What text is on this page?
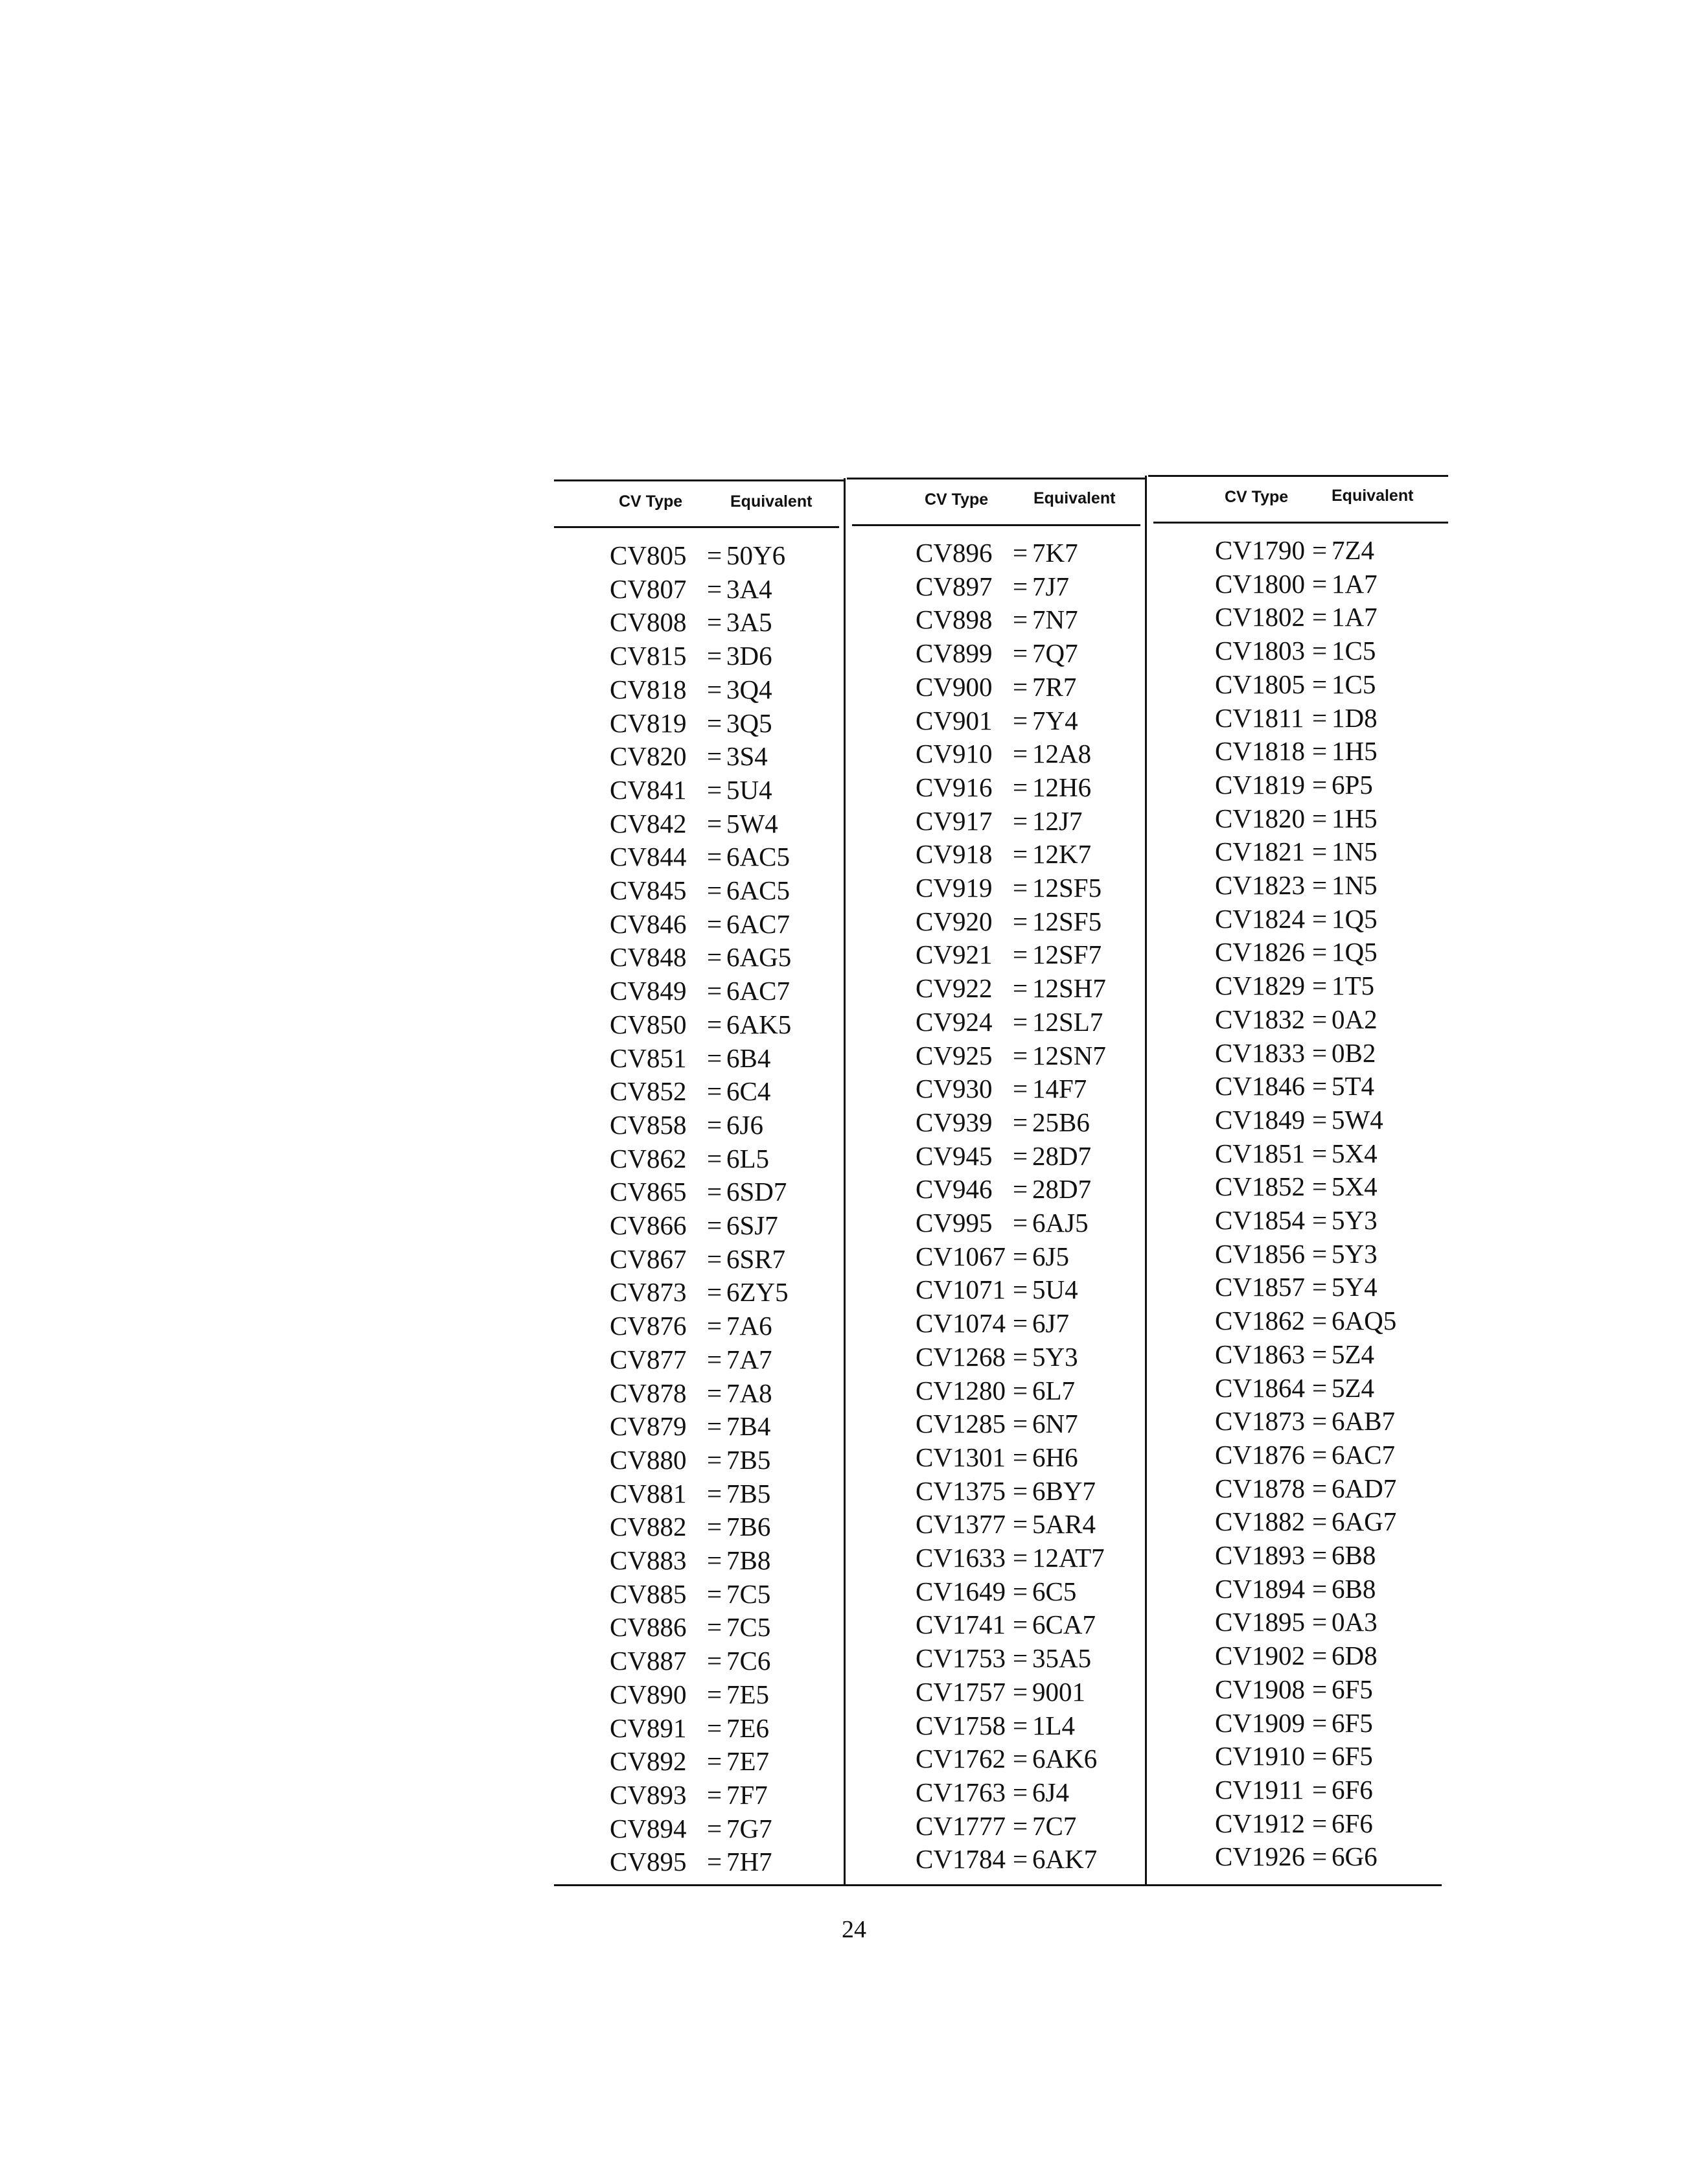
CV Type	Equivalent	CV Type	Equivalent	CV Type	Equivalent
CV805 = 50Y6
CV807 = 3A4
CV808 = 3A5
CV815 = 3D6
CV818 = 3Q4
CV819 = 3Q5
CV820 = 3S4
CV841 = 5U4
CV842 = 5W4
CV844 = 6AC5
CV845 = 6AC5
CV846 = 6AC7
CV848 = 6AG5
CV849 = 6AC7
CV850 = 6AK5
CV851 = 6B4
CV852 = 6C4
CV858 = 6J6
CV862 = 6L5
CV865 = 6SD7
CV866 = 6SJ7
CV867 = 6SR7
CV873 = 6ZY5
CV876 = 7A6
CV877 = 7A7
CV878 = 7A8
CV879 = 7B4
CV880 = 7B5
CV881 = 7B5
CV882 = 7B6
CV883 = 7B8
CV885 = 7C5
CV886 = 7C5
CV887 = 7C6
CV890 = 7E5
CV891 = 7E6
CV892 = 7E7
CV893 = 7F7
CV894 = 7G7
CV895 = 7H7
CV896 = 7K7
CV897 = 7J7
CV898 = 7N7
CV899 = 7Q7
CV900 = 7R7
CV901 = 7Y4
CV910 = 12A8
CV916 = 12H6
CV917 = 12J7
CV918 = 12K7
CV919 = 12SF5
CV920 = 12SF5
CV921 = 12SF7
CV922 = 12SH7
CV924 = 12SL7
CV925 = 12SN7
CV930 = 14F7
CV939 = 25B6
CV945 = 28D7
CV946 = 28D7
CV995 = 6AJ5
CV1067 = 6J5
CV1071 = 5U4
CV1074 = 6J7
CV1268 = 5Y3
CV1280 = 6L7
CV1285 = 6N7
CV1301 = 6H6
CV1375 = 6BY7
CV1377 = 5AR4
CV1633 = 12AT7
CV1649 = 6C5
CV1741 = 6CA7
CV1753 = 35A5
CV1757 = 9001
CV1758 = 1L4
CV1762 = 6AK6
CV1763 = 6J4
CV1777 = 7C7
CV1784 = 6AK7
CV1790 = 7Z4
CV1800 = 1A7
CV1802 = 1A7
CV1803 = 1C5
CV1805 = 1C5
CV1811 = 1D8
CV1818 = 1H5
CV1819 = 6P5
CV1820 = 1H5
CV1821 = 1N5
CV1823 = 1N5
CV1824 = 1Q5
CV1826 = 1Q5
CV1829 = 1T5
CV1832 = 0A2
CV1833 = 0B2
CV1846 = 5T4
CV1849 = 5W4
CV1851 = 5X4
CV1852 = 5X4
CV1854 = 5Y3
CV1856 = 5Y3
CV1857 = 5Y4
CV1862 = 6AQ5
CV1863 = 5Z4
CV1864 = 5Z4
CV1873 = 6AB7
CV1876 = 6AC7
CV1878 = 6AD7
CV1882 = 6AG7
CV1893 = 6B8
CV1894 = 6B8
CV1895 = 0A3
CV1902 = 6D8
CV1908 = 6F5
CV1909 = 6F5
CV1910 = 6F5
CV1911 = 6F6
CV1912 = 6F6
CV1926 = 6G6
24
